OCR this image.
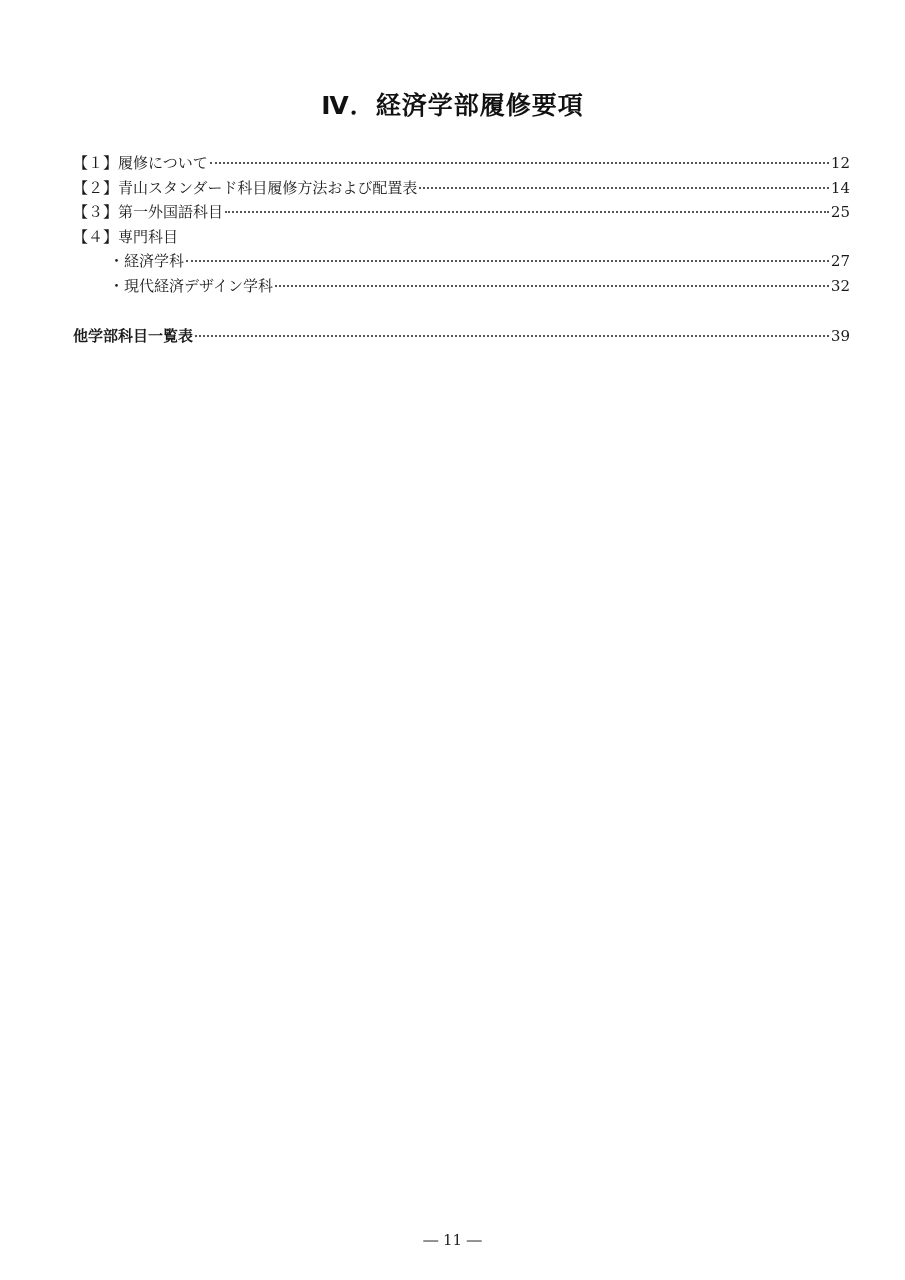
Ⅳ．経済学部履修要項
【１】履修について	12
【２】青山スタンダード科目履修方法および配置表	14
【３】第一外国語科目	25
【４】専門科目
・経済学科	27
・現代経済デザイン学科	32
他学部科目一覧表	39
― 11 ―
